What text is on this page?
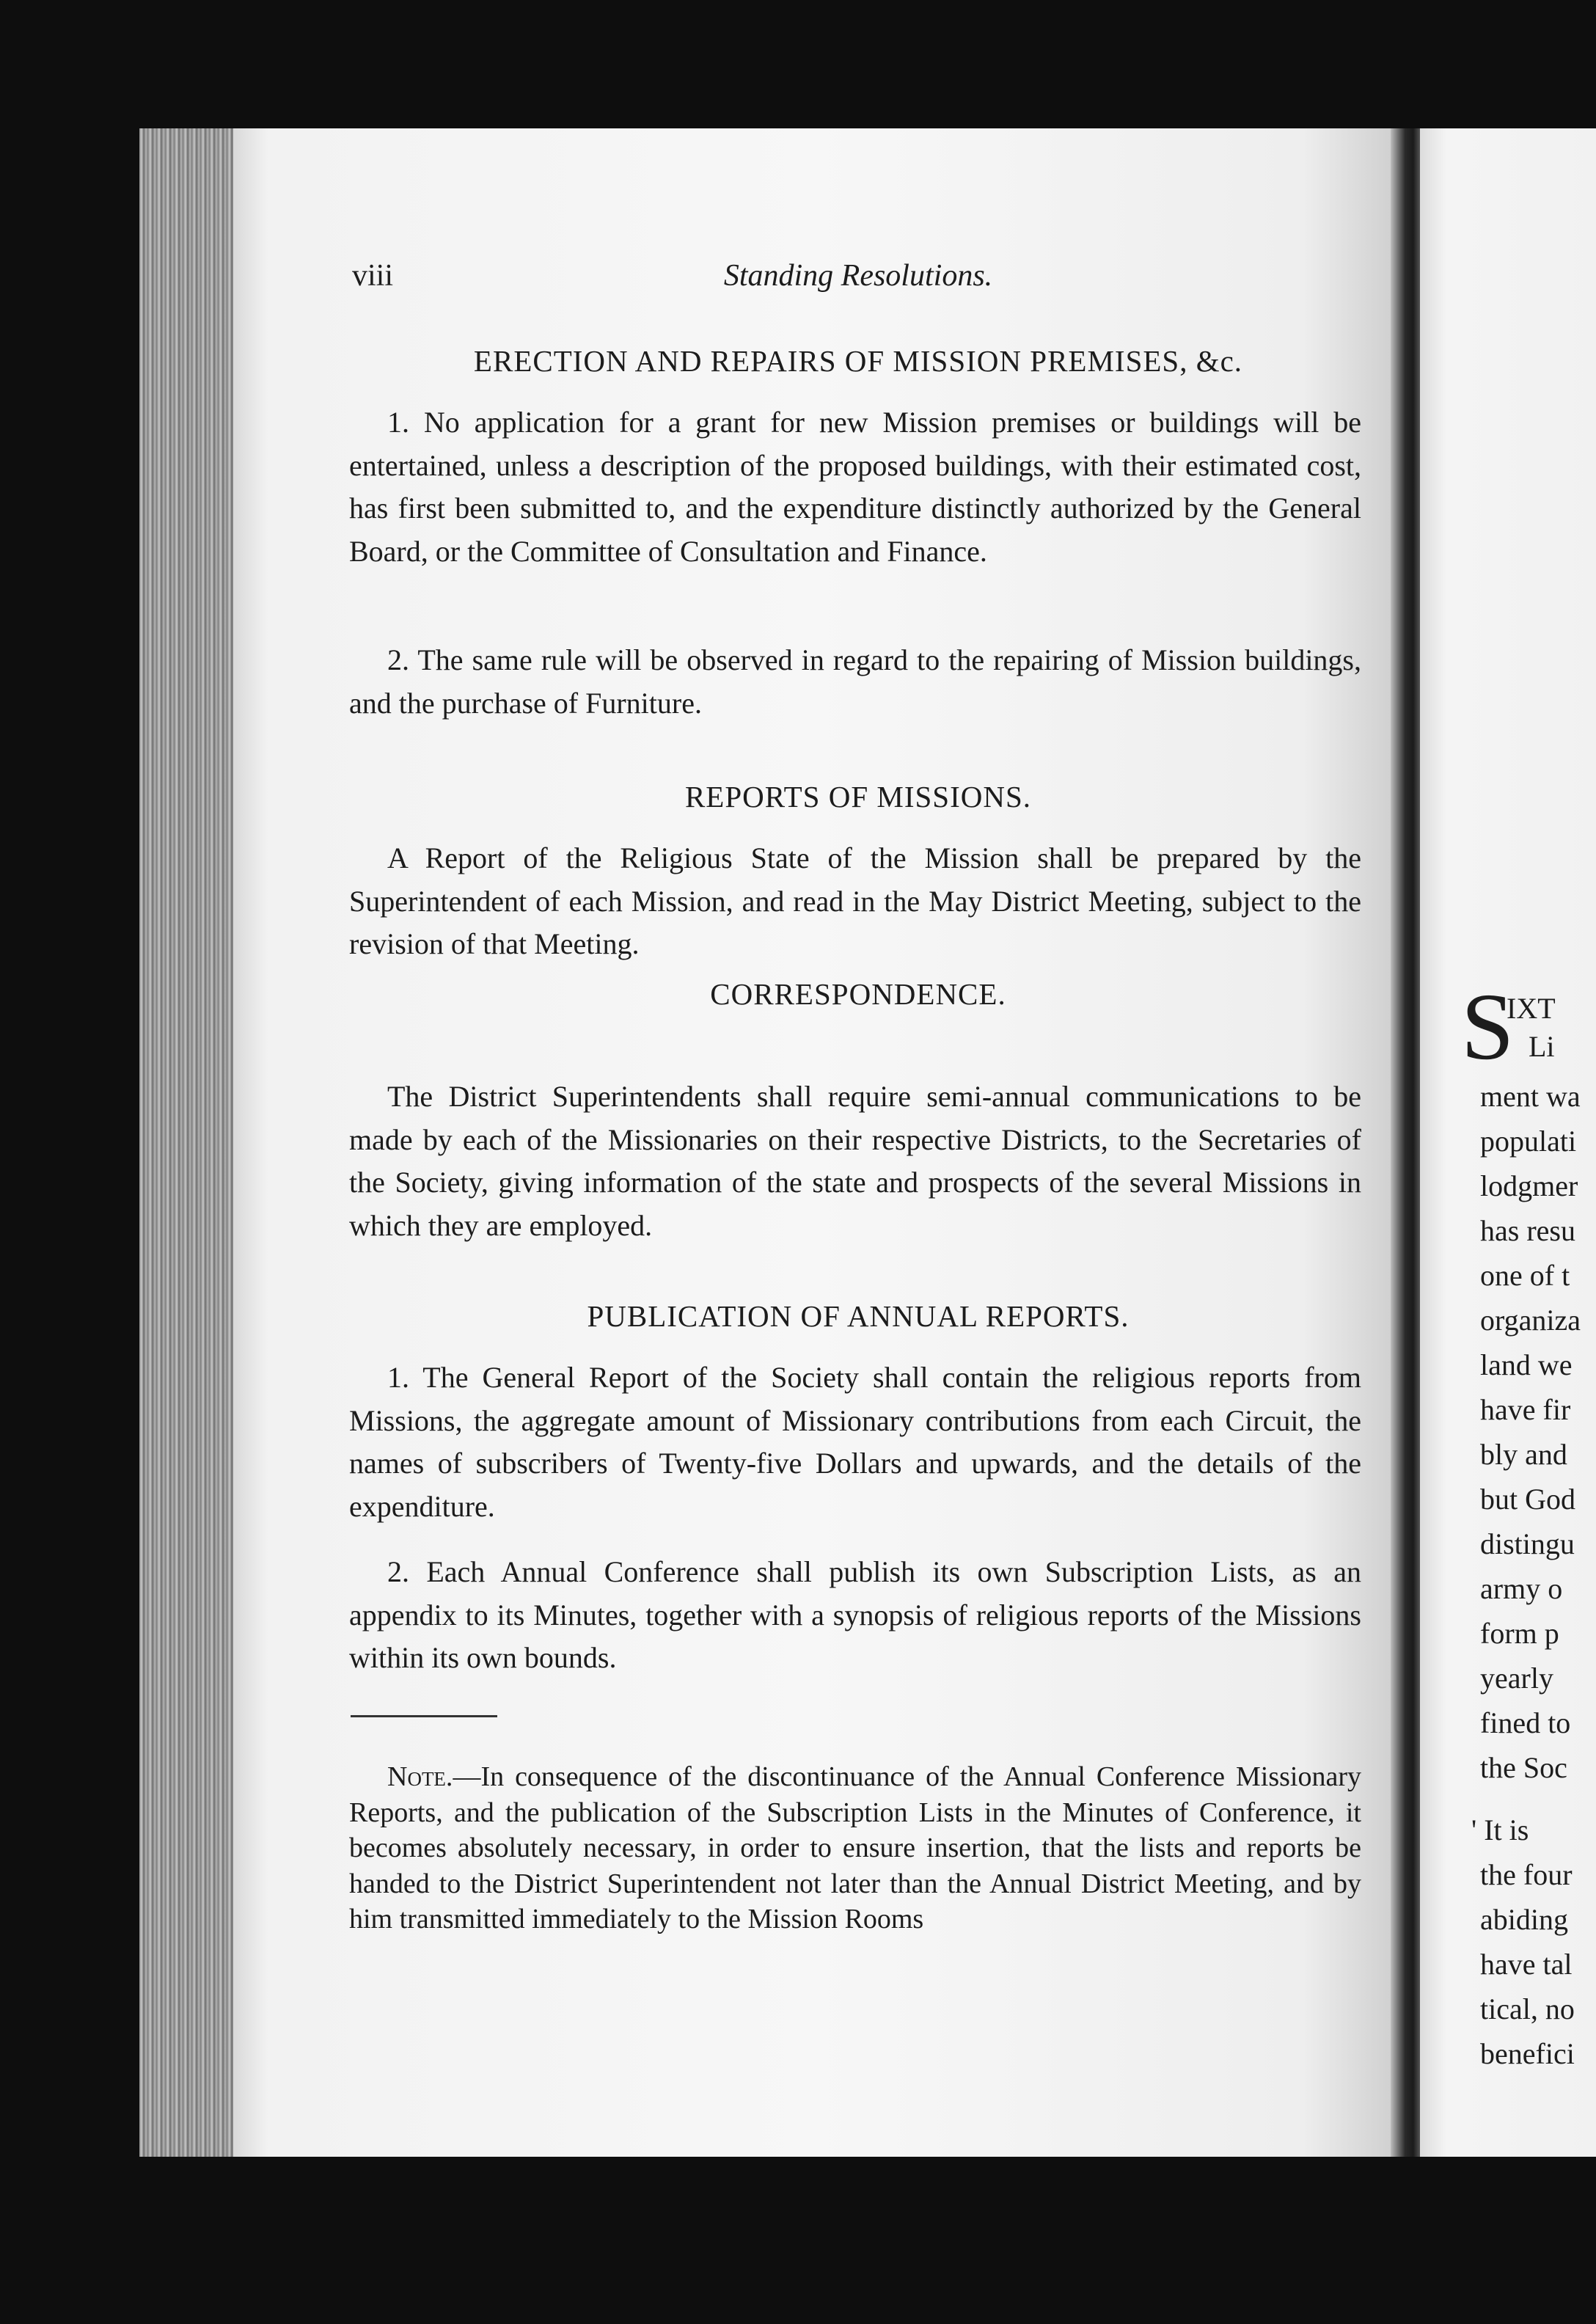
viii	Standing Resolutions.
ERECTION AND REPAIRS OF MISSION PREMISES, &c.
1. No application for a grant for new Mission premises or buildings will be entertained, unless a description of the proposed buildings, with their estimated cost, has first been submitted to, and the expenditure distinctly authorized by the General Board, or the Committee of Consultation and Finance.
2. The same rule will be observed in regard to the repairing of Mission buildings, and the purchase of Furniture.
REPORTS OF MISSIONS.
A Report of the Religious State of the Mission shall be prepared by the Superintendent of each Mission, and read in the May District Meeting, subject to the revision of that Meeting.
CORRESPONDENCE.
The District Superintendents shall require semi-annual communications to be made by each of the Missionaries on their respective Districts, to the Secretaries of the Society, giving information of the state and prospects of the several Missions in which they are employed.
PUBLICATION OF ANNUAL REPORTS.
1. The General Report of the Society shall contain the religious reports from Missions, the aggregate amount of Missionary contributions from each Circuit, the names of subscribers of Twenty-five Dollars and upwards, and the details of the expenditure.
2. Each Annual Conference shall publish its own Subscription Lists, as an appendix to its Minutes, together with a synopsis of religious reports of the Missions within its own bounds.
Note.—In consequence of the discontinuance of the Annual Conference Missionary Reports, and the publication of the Subscription Lists in the Minutes of Conference, it becomes absolutely necessary, in order to ensure insertion, that the lists and reports be handed to the District Superintendent not later than the Annual District Meeting, and by him transmitted immediately to the Mission Rooms
S
IXT
Li
ment wa
populati
lodgmer
has resu
one of t
organiza
land we
have fir
bly and
but God
distingu
army o
form p
yearly
fined to
the Soc
' It is
the four
abiding
have tal
tical, no
benefici
